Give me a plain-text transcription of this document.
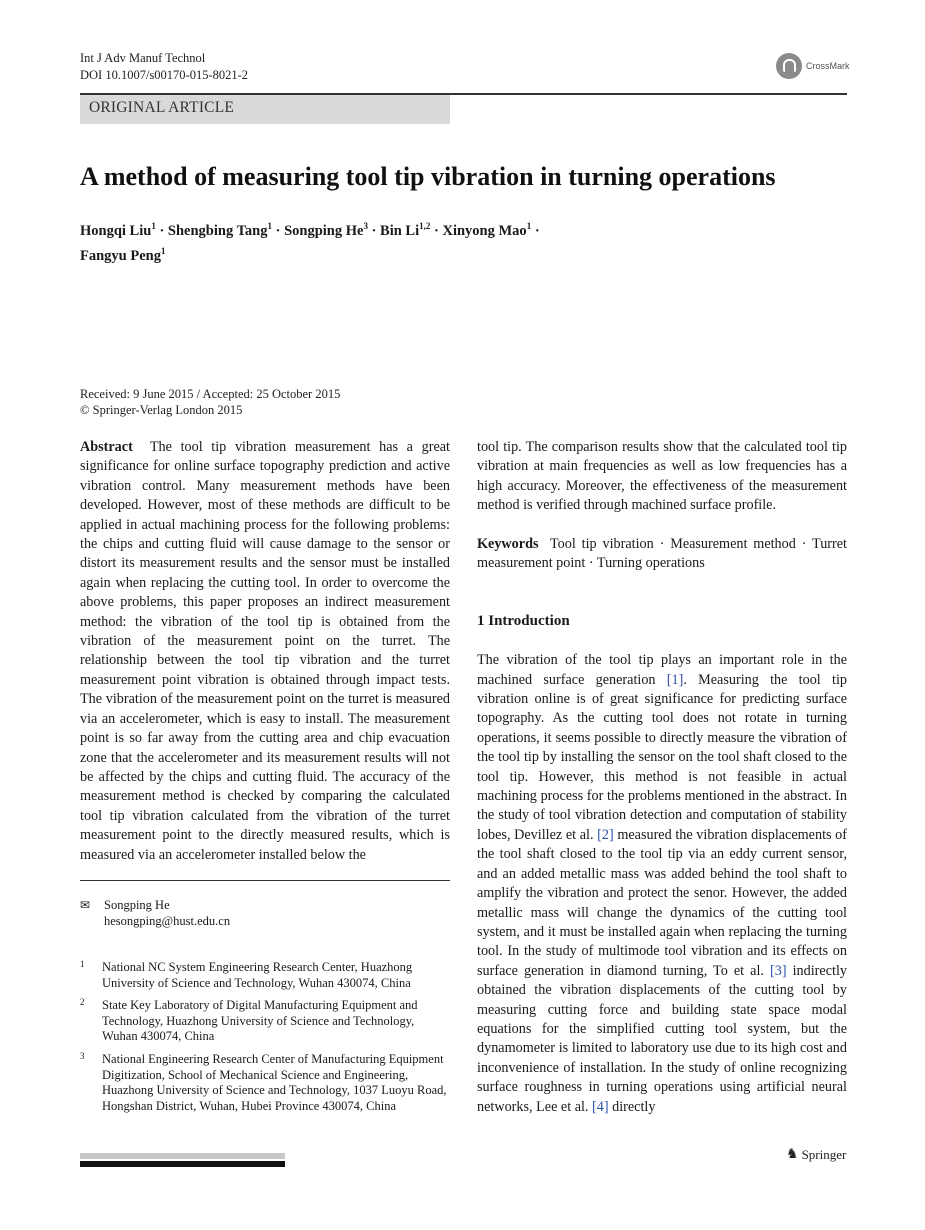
Int J Adv Manuf Technol
DOI 10.1007/s00170-015-8021-2
CrossMark
ORIGINAL ARTICLE
A method of measuring tool tip vibration in turning operations
Hongqi Liu$^1$ · Shengbing Tang$^1$ · Songping $He^3$ · Bin Li$^{1,2}$ · Xinyong Mao$^1$ ·
Fangyu Peng$^1$
Received: 9 June 2015 / Accepted: 25 October 2015
© Springer-Verlag London 2015
Abstract The tool tip vibration measurement has a great significance for online surface topography prediction and active vibration control. Many measurement methods have been developed. However, most of these methods are difficult to be applied in actual machining process for the following problems: the chips and cutting fluid will cause damage to the sensor or distort its measurement results and the sensor must be installed again when replacing the cutting tool. In order to overcome the above problems, this paper proposes an indirect measurement method: the vibration of the tool tip is obtained from the vibration of the measurement point on the turret. The relationship between the tool tip vibration and the turret measurement point vibration is obtained through impact tests. The vibration of the measurement point on the turret is measured via an accelerometer, which is easy to install. The measurement point is so far away from the cutting area and chip evacuation zone that the accelerometer and its measurement results will not be affected by the chips and cutting fluid. The accuracy of the measurement method is checked by comparing the calculated tool tip vibration calculated from the vibration of the turret measurement point to the directly measured results, which is measured via an accelerometer installed below the
tool tip. The comparison results show that the calculated tool tip vibration at main frequencies as well as low frequencies has a high accuracy. Moreover, the effectiveness of the measurement method is verified through machined surface profile.
Keywords Tool tip vibration · Measurement method · Turret measurement point · Turning operations
1 Introduction
The vibration of the tool tip plays an important role in the machined surface generation [1]. Measuring the tool tip vibration online is of great significance for predicting surface topography. As the cutting tool does not rotate in turning operations, it seems possible to directly measure the vibration of the tool tip by installing the sensor on the tool shaft closed to the tool tip. However, this method is not feasible in actual machining process for the problems mentioned in the abstract. In the study of tool vibration detection and computation of stability lobes, Devillez et al. [2] measured the vibration displacements of the tool shaft closed to the tool tip via an eddy current sensor, and an added metallic mass was added behind the tool shaft to amplify the vibration and protect the senor. However, the added metallic mass will change the dynamics of the cutting tool system, and it must be installed again when replacing the turning tool. In the study of multimode tool vibration and its effects on surface generation in diamond turning, To et al. [3] indirectly obtained the vibration displacements of the cutting tool by measuring cutting force and building state space modal equations for the simplified cutting tool system, but the dynamometer is limited to laboratory use due to its high cost and inconvenience of installation. In the study of online recognizing surface roughness in turning operations using artificial neural networks, Lee et al. [4] directly
✉ Songping He
hesongping@hust.edu.cn
1 National NC System Engineering Research Center, Huazhong University of Science and Technology, Wuhan 430074, China
2 State Key Laboratory of Digital Manufacturing Equipment and Technology, Huazhong University of Science and Technology, Wuhan 430074, China
3 National Engineering Research Center of Manufacturing Equipment Digitization, School of Mechanical Science and Engineering, Huazhong University of Science and Technology, 1037 Luoyu Road, Hongshan District, Wuhan, Hubei Province 430074, China
♞ Springer
